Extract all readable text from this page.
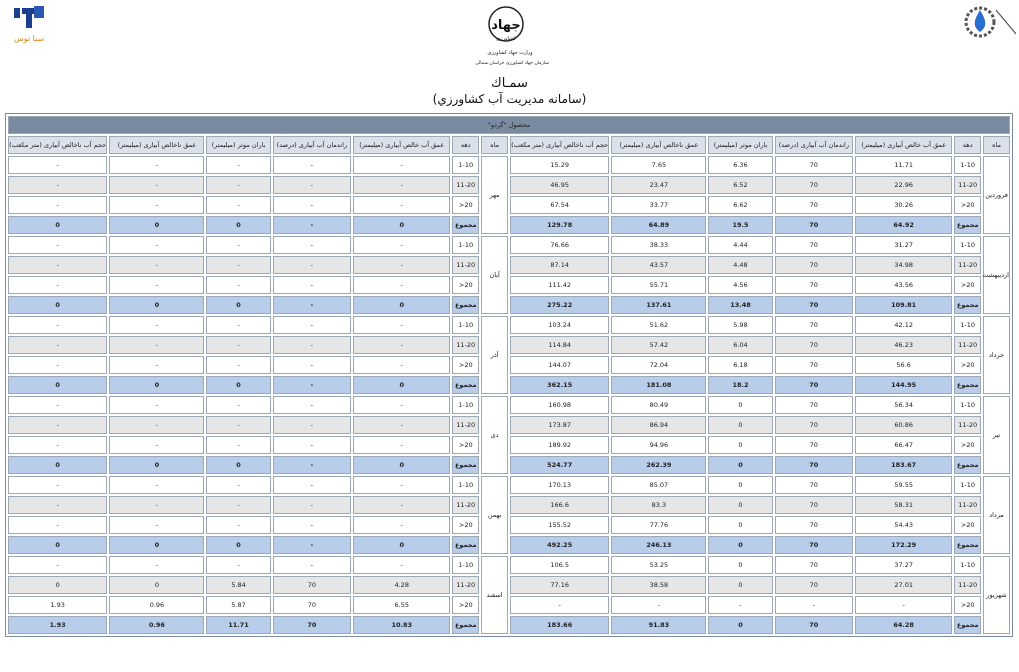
سیا توس
جهاد
کشاورزی
وزارت جهاد کشاورزی
سازمان جهاد کشاورزی خراسان شمالی
سمـاك
(سامانه مديريت آب كشاورزي)
محصول "گردو"													
ماه	دهه	عمق آب خالص آبیاری (میلیمتر)	راندمان آب آبیاری (درصد)	باران موثر (میلیمتر)	عمق ناخالص آبیاری (میلیمتر)	حجم آب ناخالص آبیاری (متر مکعب)	ماه	دهه	عمق آب خالص آبیاری (میلیمتر)	راندمان آب آبیاری (درصد)	باران موثر (میلیمتر)	عمق ناخالص آبیاری (میلیمتر)	حجم آب ناخالص آبیاری (متر مکعب)
فروردین	1-10	11.71	70	6.36	7.65	15.29	مهر	1-10	-	-	-	-	-
	11-20	22.96	70	6.52	23.47	46.95		11-20	-	-	-	-	-
	20<	30.26	70	6.62	33.77	67.54		20<	-	-	-	-	-
	مجموع	64.92	70	19.5	64.89	129.78		مجموع	0	-	0	0	0
اردیبهشت	1-10	31.27	70	4.44	38.33	76.66	آبان	1-10	-	-	-	-	-
	11-20	34.98	70	4.48	43.57	87.14		11-20	-	-	-	-	-
	20<	43.56	70	4.56	55.71	111.42		20<	-	-	-	-	-
	مجموع	109.81	70	13.48	137.61	275.22		مجموع	0	-	0	0	0
خرداد	1-10	42.12	70	5.98	51.62	103.24	آذر	1-10	-	-	-	-	-
	11-20	46.23	70	6.04	57.42	114.84		11-20	-	-	-	-	-
	20<	56.6	70	6.18	72.04	144.07		20<	-	-	-	-	-
	مجموع	144.95	70	18.2	181.08	362.15		مجموع	0	-	0	0	0
تیر	1-10	56.34	70	0	80.49	160.98	دی	1-10	-	-	-	-	-
	11-20	60.86	70	0	86.94	173.87		11-20	-	-	-	-	-
	20<	66.47	70	0	94.96	189.92		20<	-	-	-	-	-
	مجموع	183.67	70	0	262.39	524.77		مجموع	0	-	0	0	0
مرداد	1-10	59.55	70	0	85.07	170.13	بهمن	1-10	-	-	-	-	-
	11-20	58.31	70	0	83.3	166.6		11-20	-	-	-	-	-
	20<	54.43	70	0	77.76	155.52		20<	-	-	-	-	-
	مجموع	172.29	70	0	246.13	492.25		مجموع	0	-	0	0	0
شهریور	1-10	37.27	70	0	53.25	106.5	اسفند	1-10	-	-	-	-	-
	11-20	27.01	70	0	38.58	77.16		11-20	4.28	70	5.84	0	0
	20<	-	-	-	-	-		20<	6.55	70	5.87	0.96	1.93
	مجموع	64.28	70	0	91.83	183.66		مجموع	10.83	70	11.71	0.96	1.93
